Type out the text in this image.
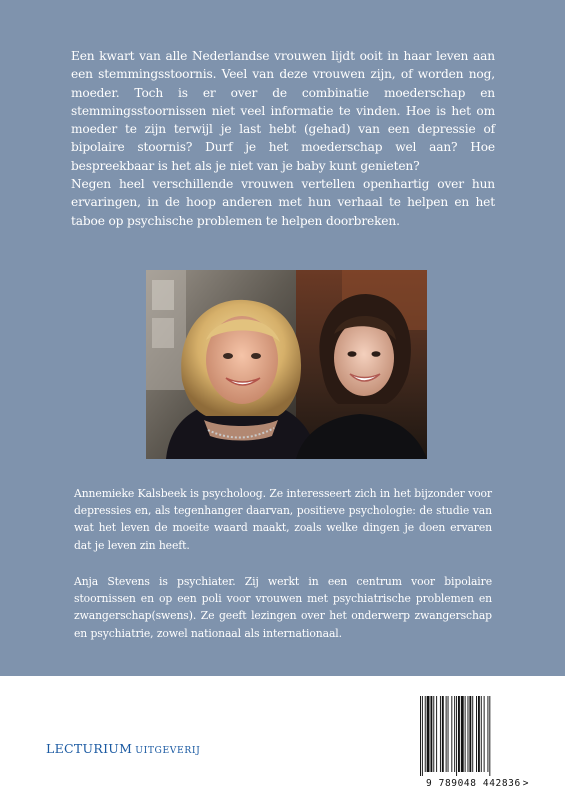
Een kwart van alle Nederlandse vrouwen lijdt ooit in haar leven aan een stemmingsstoornis. Veel van deze vrouwen zijn, of worden nog, moeder. Toch is er over de combinatie moederschap en stemmingsstoornissen niet veel informatie te vinden. Hoe is het om moeder te zijn terwijl je last hebt (gehad) van een depressie of bipolaire stoornis? Durf je het moederschap wel aan? Hoe bespreekbaar is het als je niet van je baby kunt genieten?

Negen heel verschillende vrouwen vertellen openhartig over hun ervaringen, in de hoop anderen met hun verhaal te helpen en het taboe op psychische problemen te helpen doorbreken.

Annemieke Kalsbeek is psycholoog. Ze interesseert zich in het bijzonder voor depressies en, als tegenhanger daarvan, positieve psychologie: de studie van wat het leven de moeite waard maakt, zoals welke dingen je doen ervaren dat je leven zin heeft.

Anja Stevens is psychiater. Zij werkt in een centrum voor bipolaire stoornissen en op een poli voor vrouwen met psychiatrische problemen en zwangerschap(swens). Ze geeft lezingen over het onderwerp zwangerschap en psychiatrie, zowel nationaal als internationaal.

LECTURIUM UITGEVERIJ
9 789048 442836 >
